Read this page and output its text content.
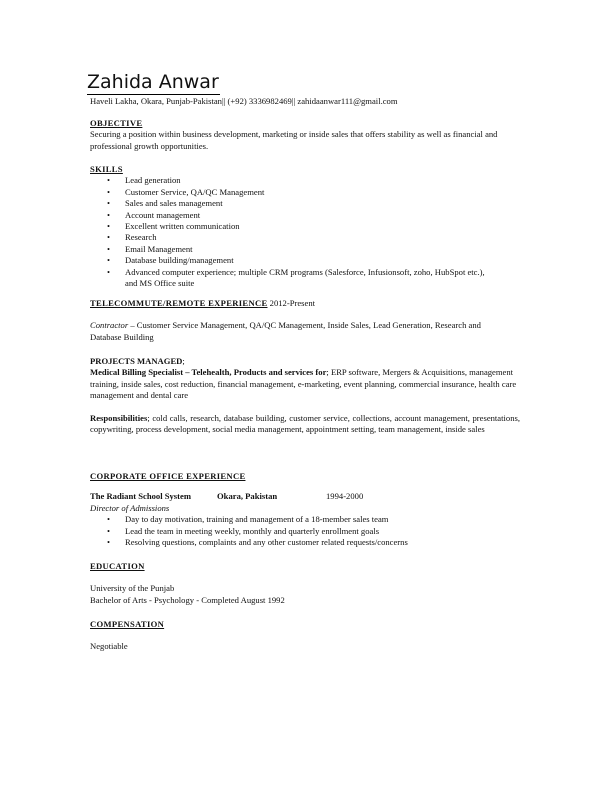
Zahida Anwar
Haveli Lakha, Okara, Punjab-Pakistan|| (+92) 3336982469|| zahidaanwar111@gmail.com
OBJECTIVE

Securing a position within business development, marketing or inside sales that offers stability as well as financial and professional growth opportunities.

SKILLS
• Lead generation
• Customer Service, QA/QC Management
• Sales and sales management
• Account management
• Excellent written communication
• Research
• Email Management
• Database building/management
• Advanced computer experience; multiple CRM programs (Salesforce, Infusionsoft, zoho, HubSpot etc.), and MS Office suite
TELECOMMUTE/REMOTE EXPERIENCE 2012-Present

Contractor – Customer Service Management, QA/QC Management, Inside Sales, Lead Generation, Research and Database Building

PROJECTS MANAGED;

Medical Billing Specialist – Telehealth, Products and services for; ERP software, Mergers & Acquisitions, management training, inside sales, cost reduction, financial management, e-marketing, event planning, commercial insurance, health care management and dental care

Responsibilities; cold calls, research, database building, customer service, collections, account management, presentations, copywriting, process development, social media management, appointment setting, team management, inside sales

CORPORATE OFFICE EXPERIENCE
The Radiant School System	Okara, Pakistan	1994-2000
Director of Admissions
• Day to day motivation, training and management of a 18-member sales team
• Lead the team in meeting weekly, monthly and quarterly enrollment goals
• Resolving questions, complaints and any other customer related requests/concerns
EDUCATION
University of the Punjab
Bachelor of Arts - Psychology - Completed August 1992
COMPENSATION
Negotiable
